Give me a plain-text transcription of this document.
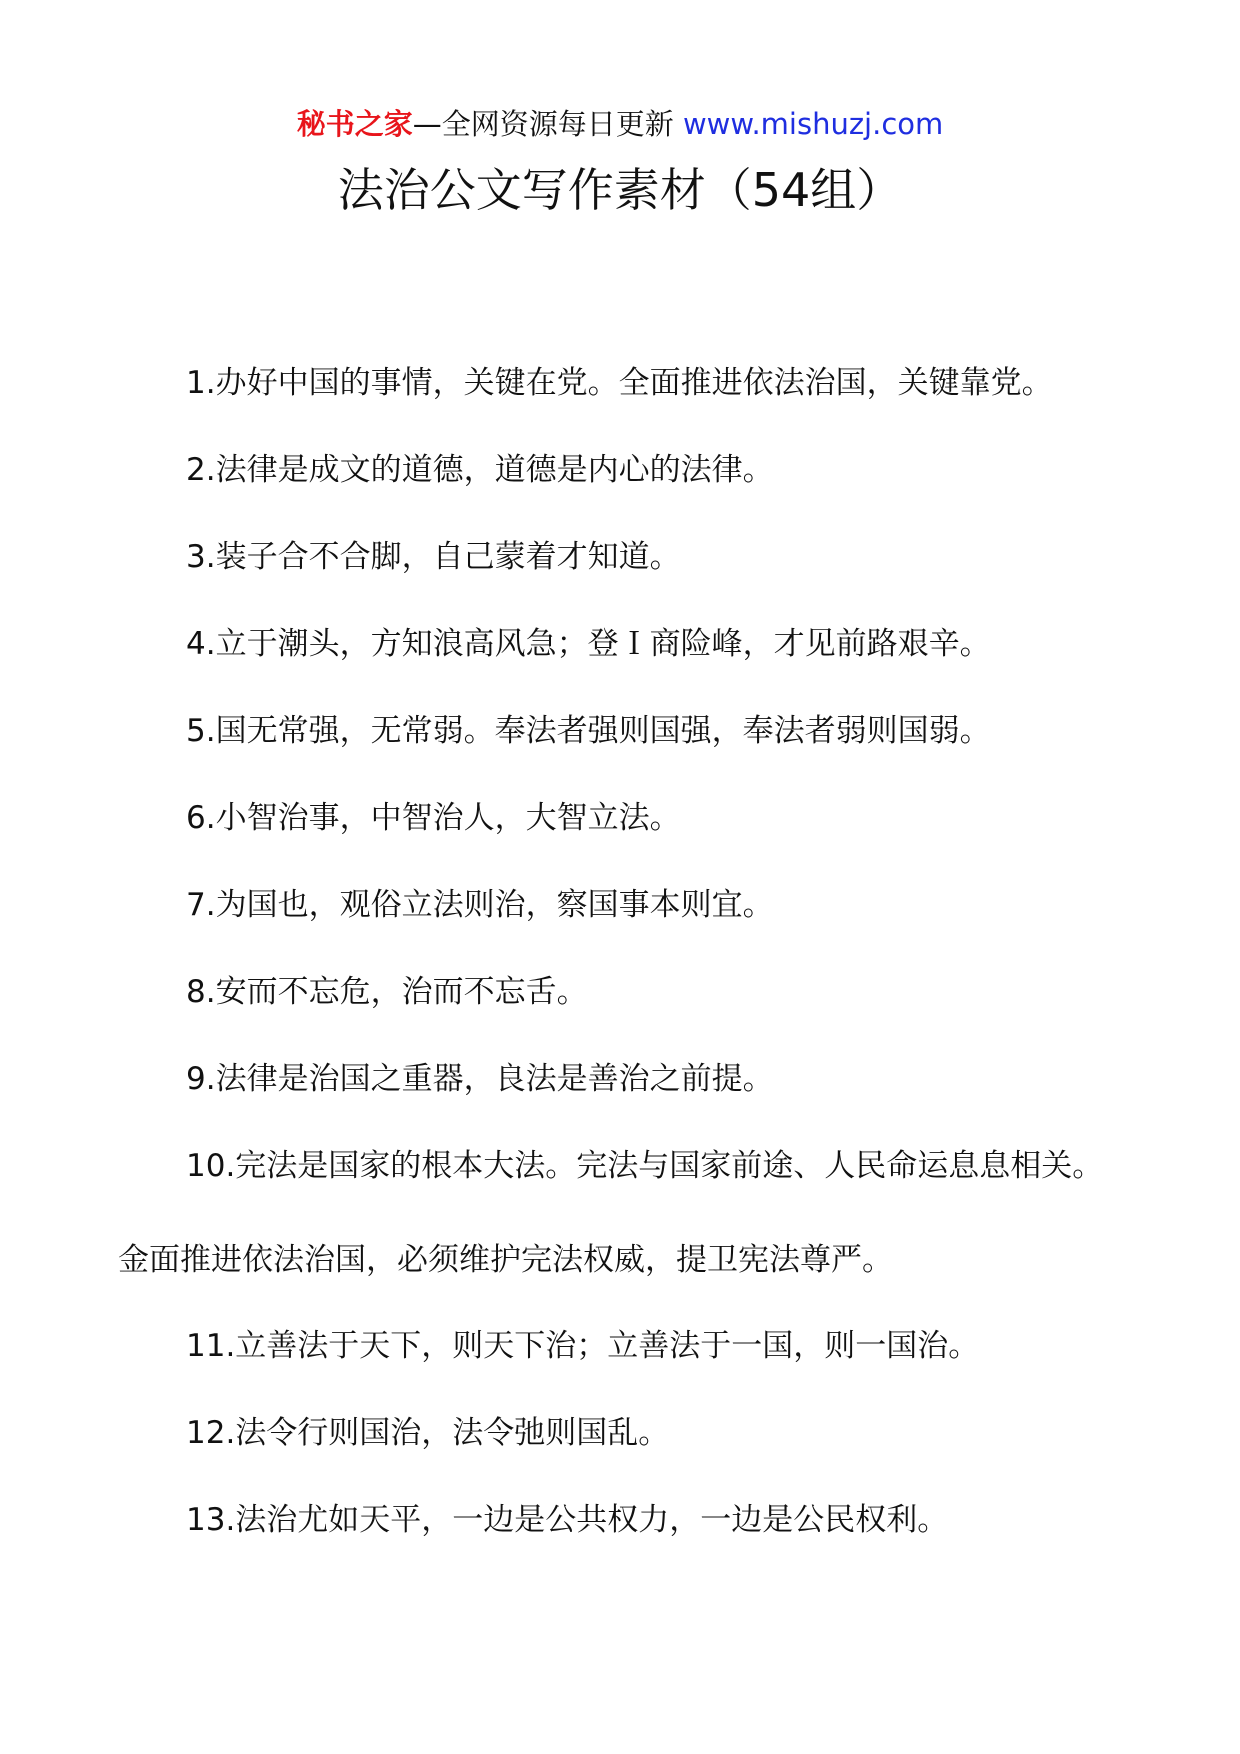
秘书之家—全网资源每日更新 www.mishuzj.com
法治公文写作素材（54组）

1.办好中国的事情，关键在党。全面推进依法治国，关键靠党。

2.法律是成文的道德，道德是内心的法律。

3.装子合不合脚，自己蒙着才知道。

4.立于潮头，方知浪高风急；登Ｉ商险峰，才见前路艰辛。

5.国无常强，无常弱。奉法者强则国强，奉法者弱则国弱。

6.小智治事，中智治人，大智立法。

7.为国也，观俗立法则治，察国事本则宜。

8.安而不忘危，治而不忘舌。

9.法律是治国之重器，良法是善治之前提。

10.完法是国家的根本大法。完法与国家前途、人民命运息息相关。金面推进依法治国，必须维护完法权威，提卫宪法尊严。

11.立善法于天下，则天下治；立善法于一国，则一国治。

12.法令行则国治，法令弛则国乱。

13.法治尤如天平，一边是公共权力，一边是公民权利。
